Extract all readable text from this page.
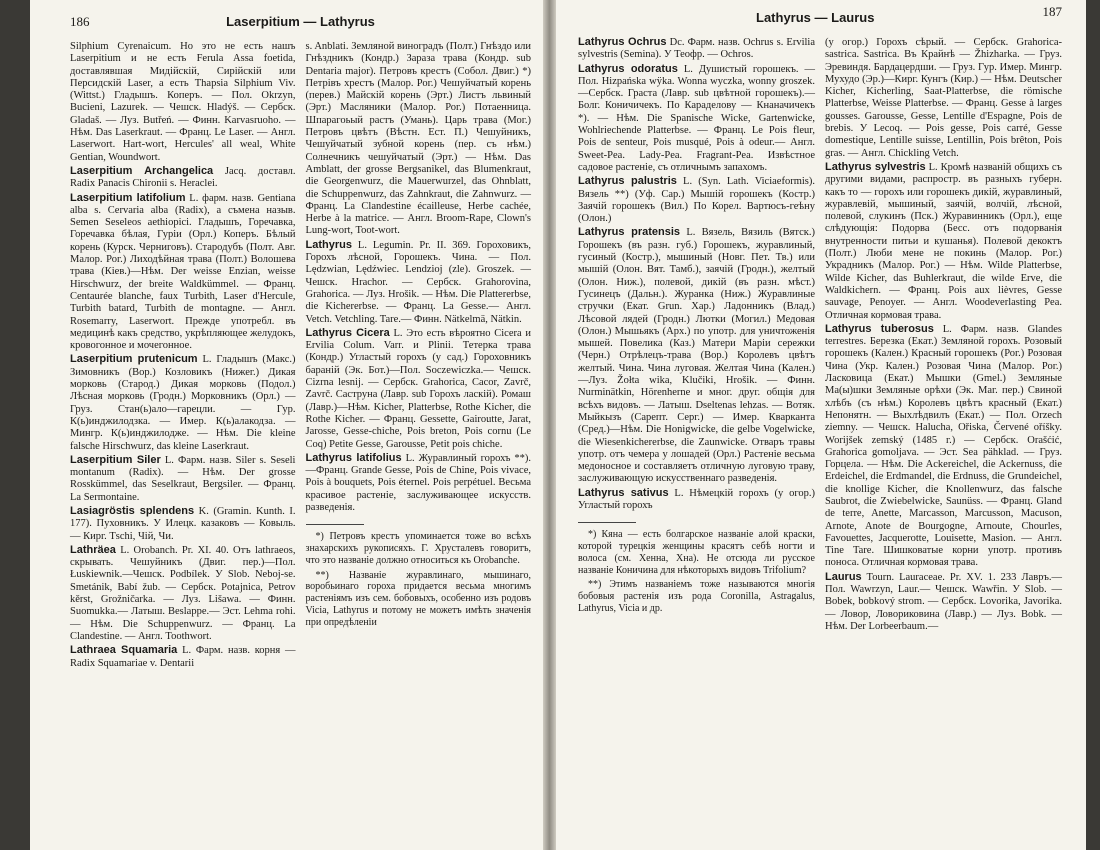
186	Laserpitium — Lathyrus

Silphium Cyrenaicum. Но это не есть нашъ Laserpitium и не есть Ferula Assa foetida, доставлявшая Мидійскій, Сирійскій или Персидскій Laser, а есть Thapsia Silphium Viv. (Wittst.) Гладышъ. Коперъ. — Пол. Okrzyn, Bucieni, Lazurek. — Чешск. Hladýš. — Сербск. Gladaš. — Луз. Butřeń. — Финн. Karvasruoho. — Нѣм. Das Laserkraut. — Франц. Le Laser. — Англ. Laserwort. Hart-wort, Hercules' all weal, White Gentian, Woundwort.

Laserpitium Archangelica Jacq. доставл. Radix Panacis Chironii s. Heraclei.

Laserpitium latifolium L. фарм. назв. Gentiana alba s. Cervaria alba (Radix), а съмена назыв. Semen Seseleos aethiopici. Гладышъ, Горечавка, Горечавка бѣлая, Гуріи (Орл.) Коперъ. Бѣлый корень (Курск. Черниговъ). Стародубъ (Полт. Авг. Малор. Рог.) Лиходѣйная трава (Полт.) Волошева трава (Кіев.)—Нѣм. Der weisse Enzian, weisse Hirschwurz, der breite Waldkümmel. — Франц. Centaurée blanche, faux Turbith, Laser d'Hercule, Turbith batard, Turbith de montagne. — Англ. Rosemarry, Laserwort. Прежде употребл. въ медицинѣ какъ средство, укрѣпляющее желудокъ, кровогонное и мочегонное.

Laserpitium prutenicum L. Гладышъ (Макс.) Зимовникъ (Вор.) Козловикъ (Нижег.) Дикая морковь (Старод.) Дикая морковь (Подол.) Лѣсная морковь (Гродн.) Морковникъ (Орл.) — Груз. Стан(ь)ало—гарецли. — Гур. К(ь)инджилодзка. — Имер. К(ь)алакодза. — Мингр. К(ь)инджилодже. — Нѣм. Die kleine falsche Hirschwurz, das kleine Laserkraut.

Laserpitium Siler L. Фарм. назв. Siler s. Seseli montanum (Radix). — Нѣм. Der grosse Rosskümmel, das Seselkraut, Bergsiler. — Франц. La Sermontaine.

Lasiagröstis splendens K. (Gramin. Kunth. I. 177). Пуховникъ. У Илецк. казаковъ — Ковыль. — Кирг. Тschi, Чій, Чи.

Lathräea L. Orobanch. Pr. XI. 40. Отъ lathraeos, скрывать. Чешуйникъ (Двиг. пер.)—Пол. Łuskiewnik.—Чешск. Podbílek. У Slob. Neboj-se. Smetánik, Babí žub. — Сербск. Potajnica, Petrov kěrst, Grožničarka. — Луз. Lišawa. — Финн. Suomukka.— Латыш. Beslappe.— Эст. Lehma rohi. — Нѣм. Die Schuppenwurz. — Франц. La Clandestine. — Англ. Toothwort.

Lathraea Squamaria L. Фарм. назв. корня — Radix Squamariae v. Dentarii

s. Anblati. Земляной виноградъ (Полт.) Гнѣздо или Гнѣздникъ (Кондр.) Зараза трава (Кондр. sub Dentaria major). Петровъ крестъ (Собол. Двиг.) *) Петрівъ хрестъ (Малор. Рог.) Чешуйчатый корень (перев.) Майскій корень (Эрт.) Листъ львиный (Эрт.) Масляники (Малор. Рог.) Потаенница. Шпарагоьый растъ (Умань). Царь трава (Мог.) Петровъ цвѣтъ (Вѣстн. Ест. П.) Чешуйникъ, Чешуйчатый зубной корень (пер. съ нѣм.) Солнечникъ чешуйчатый (Эрт.) — Нѣм. Das Amblatt, der grosse Bergsanikel, das Blumenkraut, die Georgenwurz, die Mauerwurzel, das Ohnblatt, die Schuppenwurz, das Zahnkraut, die Zahnwurz. — Франц. La Clandestine écailleuse, Herbe cachée, Herbe à la matrice. — Англ. Broom-Rape, Clown's Lung-wort, Toot-wort.

Lathyrus L. Legumin. Pr. II. 369. Гороховикъ, Горохъ лѣсной, Горошекъ. Чина. — Пол. Lędzwian, Lędźwiec. Lendzioj (zle). Groszek. — Чешск. Hrachor. — Сербск. Grahorovina, Grahorica. — Луз. Hrošik. — Нѣм. Die Plattererbse, die Kichererbse. — Франц. La Gesse.— Англ. Vetch. Vetchling. Tare.— Финн. Nätkelmä, Nätkin.

Lathyrus Cicera L. Это есть вѣроятно Cicera и Ervilia Colum. Varr. и Plinii. Тетерка трава (Кондр.) Угластый горохъ (у сад.) Гороховникъ бараній (Эк. Бот.)—Пол. Soczewiczka.— Чешск. Cizrna lesnij. — Сербск. Grahorica, Cacor, Zavrč, Zavrč. Саструна (Лавр. sub Горохъ ласкій). Ромаш (Лавр.)—Нѣм. Kicher, Platterbse, Rothe Kicher, die Rothe Kicher. — Франц. Gessette, Gairoutte, Jarat, Jarosse, Gesse-chiche, Pois breton, Pois cornu (Le Coq) Petite Gesse, Garousse, Petit pois chiche.

Lathyrus latifolius L. Журавлиный горохъ **).—Франц. Grande Gesse, Pois de Chine, Pois vivace, Pois à bouquets, Pois éternel. Pois perpétuel. Весьма красивое растеніе, заслуживающее искусств. разведенія.

*) Петровъ крестъ упоминается тоже во всѣхъ знахарскихъ рукописяхъ. Г. Хрусталевъ говоритъ, что это названіе должно относиться къ Orobanche.

**) Названіе журавлинаго, мышинаго, воробьинаго гороха придается весьма многимъ растеніямъ изъ сем. бобовыхъ, особенно изъ родовъ Vicia, Lathyrus и потому не можетъ имѣть значенія при опредѣленіи

Lathyrus — Laurus	187

Lathyrus Ochrus Dc. Фарм. назв. Ochrus s. Ervilia sylvestris (Semina). У Теофр. — Ochros.

Lathyrus odoratus L. Душистый горошекъ. — Пол. Hizpańska wÿka. Wonna wyczka, wonny groszek.—Сербск. Граста (Лавр. sub цвѣтной горошекъ).— Болг. Коничичекъ. По Караделову — Кнаначичекъ *). — Нѣм. Die Spanische Wicke, Gartenwicke, Wohlriechende Platterbse. — Франц. Le Pois fleur, Pois de senteur, Pois musqué, Pois à odeur.— Англ. Sweet-Pea. Lady-Pea. Fragrant-Pea. Извѣстное садовое растеніе, съ отличнымъ запахомъ.

Lathyrus palustris L. (Syn. Lath. Viciaeformis). Вязель **) (Уф. Сар.) Мышій горошекъ (Костр.) Заячій горошекъ (Вил.) По Корел. Вартюсъ-геѣну (Олон.)

Lathyrus pratensis L. Вязель, Вязиль (Вятск.) Горошекъ (въ разн. губ.) Горошекъ, журавлиный, гусиный (Костр.), мышиный (Новг. Пет. Тв.) или мышій (Олон. Вят. Тамб.), заячій (Гродн.), желтый (Олон. Ниж.), полевой, дикій (въ разн. мѣст.) Гусинецъ (Дальн.). Журанка (Ниж.) Журавлиные стручки (Екат. Grun. Хар.) Ладонникъ (Влад.) Лѣсовой лядей (Гродн.) Лютки (Могил.) Медовая (Олон.) Мышьякъ (Арх.) по употр. для уничтоженія мышей. Повелика (Каз.) Матери Маріи сережки (Черн.) Отрѣлецъ-трава (Вор.) Королевъ цвѣтъ желтый. Чина. Чина луговая. Желтая Чина (Кален.)—Луз. Žołta wika, Klučiki, Hrošik. — Финн. Nurminätkin, Hörenherne и мног. друг. общія для всѣхъ видовъ. — Латыш. Dseltenas lehzas. — Вотяк. Мыйкызъ (Сарепт. Серг.) — Имер. Кварканта (Сред.)—Нѣм. Die Honigwicke, die gelbe Vogelwicke, die Wiesenkichererbse, die Zaunwicke. Отваръ травы употр. отъ чемера у лошадей (Орл.) Растеніе весьма медоносное и составляетъ отличную луговую траву, заслуживающую искусственнаго разведенія.

Lathyrus sativus L. Нѣмецкій горохъ (у огор.) Угластый горохъ

*) Кяна — есть болгарское названіе алой краски, которой турецкія женщины красятъ себѣ ногти и волоса (см. Хенна, Хна). Не отсюда ли русское названіе Коничина для нѣкоторыхъ видовъ Trifolium?

**) Этимъ названіемъ тоже называются многія бобовыя растенія изъ рода Coronilla, Astragalus, Lathyrus, Vicia и др.

(у огор.) Горохъ сѣрый. — Сербск. Grahorica-sastrica. Sastrica. Въ Крайнѣ — Žhizharka. — Груз. Эревиндя. Бардацердши. — Груз. Гур. Имер. Мингр. Мухудо (Эр.)—Кирг. Кунгъ (Кир.) — Нѣм. Deutscher Kicher, Kicherling, Saat-Platterbse, die römische Platterbse, Weisse Platterbse. — Франц. Gesse à larges gousses. Garousse, Gesse, Lentille d'Espagne, Pois de brebis. У Lecoq. — Pois gesse, Pois carré, Gesse domestique, Lentille suisse, Lentillin, Pois brêton, Pois gras. — Англ. Chickling Vetch.

Lathyrus sylvestris L. Кромѣ названій общихъ съ другими видами, распростр. въ разныхъ губерн. какъ то — горохъ или горошекъ дикій, журавлиный, журавлевій, мышиный, заячій, волчій, лѣсной, полевой, слукинъ (Пск.) Журавинникъ (Орл.), еще слѣдующія: Подорва (Бесс. отъ подорванія внутренности питьи и кушанья). Полевой декоктъ (Полт.) Люби мене не покинь (Малор. Рог.) Украдникъ (Малор. Рог.) — Нѣм. Wilde Platterbse, Wilde Kicher, das Buhlerkraut, die wilde Erve, die Waldkichern. — Франц. Pois aux lièvres, Gesse sauvage, Penoyer. — Англ. Woodeverlasting Pea. Отличная кормовая трава.

Lathyrus tuberosus L. Фарм. назв. Glandes terrestres. Березка (Екат.) Земляной горохъ. Розовый горошекъ (Кален.) Красный горошекъ (Рог.) Розовая Чина (Укр. Кален.) Розовая Чина (Малор. Рог.) Ласковица (Екат.) Мышки (Gmel.) Земляные Ма(ы)шки Земляные орѣхи (Эк. Маг. пер.) Свиной хлѣбъ (съ нѣм.) Королевъ цвѣтъ красный (Екат.) Непонятн. — Выхлѣдвилъ (Екат.) — Пол. Orzech ziemny. — Чешск. Halucha, Ořiska, Červené oříšky. Worijšek zemský (1485 г.) — Сербск. Orašćić, Grahorica gomoljava. — Эст. Sea pähklad. — Груз. Горцела. — Нѣм. Die Ackereichel, die Ackernuss, die Erdeichel, die Erdmandel, die Erdnuss, die Grundeichel, die knollige Kicher, die Knollenwurz, das falsche Saubrot, die Zwiebelwicke, Saunüss. — Франц. Gland de terre, Anette, Marcasson, Marcusson, Macuson, Arnote, Anote de Bourgogne, Arnoute, Chourles, Favouettes, Jacquerotte, Louisette, Masion. — Англ. Tine Tare. Шишковатые корни употр. противъ поноса. Отличная кормовая трава.

Laurus Tourn. Lauraceae. Pr. XV. 1. 233 Лавръ.—Пол. Wawrzyn, Laur.— Чешск. Wawřin. У Slob. — Bobek, bobkový strom. — Сербск. Lovorika, Javorika. — Ловор, Ловориковина (Лавр.) — Луз. Bobk. — Нѣм. Der Lorbeerbaum.—
